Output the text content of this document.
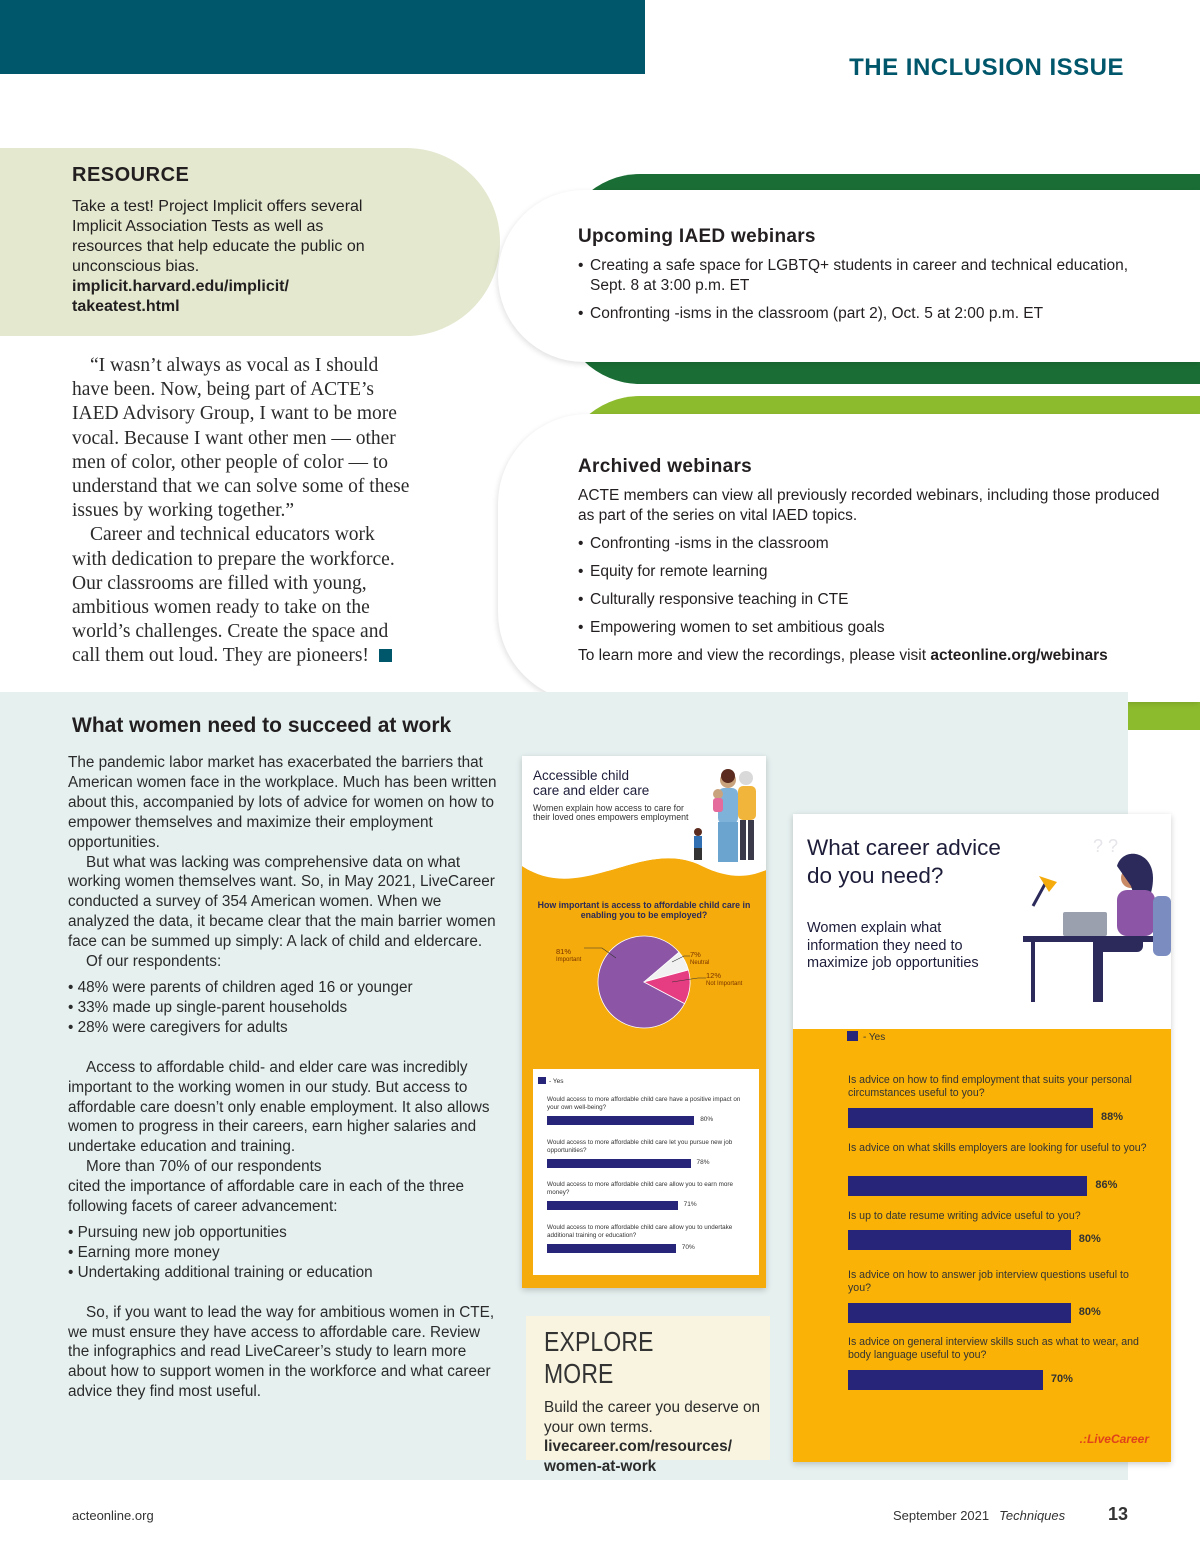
THE INCLUSION ISSUE
RESOURCE

Take a test! Project Implicit offers several Implicit Association Tests as well as resources that help educate the public on unconscious bias. implicit.harvard.edu/implicit/
takeatest.html

“I wasn’t always as vocal as I should have been. Now, being part of ACTE’s IAED Advisory Group, I want to be more vocal. Because I want other men — other men of color, other people of color — to understand that we can solve some of these issues by working together.”

Career and technical educators work with dedication to prepare the workforce. Our classrooms are filled with young, ambitious women ready to take on the world’s challenges. Create the space and call them out loud. They are pioneers!

Upcoming IAED webinars
• Creating a safe space for LGBTQ+ students in career and technical education, Sept. 8 at 3:00 p.m. ET
• Confronting -isms in the classroom (part 2), Oct. 5 at 2:00 p.m. ET
Archived webinars

ACTE members can view all previously recorded webinars, including those produced as part of the series on vital IAED topics.

• Confronting -isms in the classroom
• Equity for remote learning
• Culturally responsive teaching in CTE
• Empowering women to set ambitious goals

To learn more and view the recordings, please visit acteonline.org/webinars

What women need to succeed at work

The pandemic labor market has exacerbated the barriers that American women face in the workplace. Much has been written about this, accompanied by lots of advice for women on how to empower themselves and maximize their employment opportunities.

But what was lacking was comprehensive data on what working women themselves want. So, in May 2021, LiveCareer conducted a survey of 354 American women. When we analyzed the data, it became clear that the main barrier women face can be summed up simply: A lack of child and eldercare.

Of our respondents:

• 48% were parents of children aged 16 or younger
• 33% made up single-parent households
• 28% were caregivers for adults

Access to affordable child- and elder care was incredibly important to the working women in our study. But access to affordable care doesn’t only enable employment. It also allows women to progress in their careers, earn higher salaries and undertake education and training.

More than 70% of our respondents

cited the importance of affordable care in each of the three following facets of career advancement:

• Pursuing new job opportunities
• Earning more money
• Undertaking additional training or education

So, if you want to lead the way for ambitious women in CTE, we must ensure they have access to affordable care. Review the infographics and read LiveCareer’s study to learn more about how to support women in the workforce and what career advice they find most useful.

Accessible child
care and elder care
Women explain how access to care for their loved ones empowers employment
How important is access to affordable child care in enabling you to be employed?
81%
Important
7%
Neutral
12%
Not Important
- Yes
Would access to more affordable child care have a positive impact on your own well-being?
80%
Would access to more affordable child care let you pursue new job opportunities?
78%
Would access to more affordable child care allow you to earn more money?
71%
Would access to more affordable child care allow you to undertake additional training or education?
70%
EXPLORE MORE

Build the career you deserve on your own terms.
livecareer.com/resources/
women-at-work

? ?
What career advice do you need?
Women explain what information they need to maximize job opportunities
- Yes
Is advice on how to find employment that suits your personal circumstances useful to you?
88%
Is advice on what skills employers are looking for useful to you?
86%
Is up to date resume writing advice useful to you?
80%
Is advice on how to answer job interview questions useful to you?
80%
Is advice on general interview skills such as what to wear, and body language useful to you?
70%
.:LiveCareer
acteonline.org	September 2021 Techniques 13
